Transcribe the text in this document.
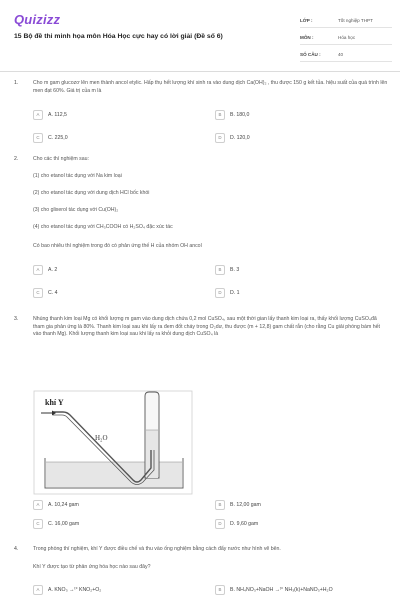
Quizizz
15 Bộ đề thi minh họa môn Hóa Học cực hay có lời giải (Đề số 6)
LỚP :	Tốt nghiệp THPT
MÔN :	Hóa học
SỐ CÂU :	40
1.	Cho m gam glucozơ lên men thành ancol etylic. Hấp thụ hết lượng khí sinh ra vào dung dịch Ca(OH)₂ , thu được 150 g kết tủa. hiệu suất của quá trình lên men đạt 60%. Giá trị của m là
A	A. 112,5	B	B. 180,0
C	C. 225,0	D	D. 120,0
2.	Cho các thí nghiệm sau:
(1) cho etanol tác dụng với Na kim loại
(2) cho etanol tác dụng với dung dịch HCl bốc khói
(3) cho glixerol tác dụng với Cu(OH)₂
(4) cho etanol tác dụng với CH₃COOH có H₂SO₄ đặc xúc tác
Có bao nhiêu thí nghiệm trong đó có phản ứng thế H của nhóm OH ancol
A	A. 2	B	B. 3
C	C. 4	D	D. 1
3.	Nhúng thanh kim loại Mg có khối lượng m gam vào dung dịch chứa 0,2 mol CuSO₄, sau một thời gian lấy thanh kim loại ra, thấy khối lượng CuSO₄đã tham gia phản ứng là 80%. Thanh kim loại sau khi lấy ra đem đốt cháy trong O₂dư, thu được (m + 12,8) gam chất rắn (cho rằng Cu giải phóng bám hết vào thanh Mg). Khối lượng thanh kim loại sau khi lấy ra khỏi dung dịch CuSO₄ là
khí Y
H₂O
A	A. 10,24 gam	B	B. 12,00 gam
C	C. 16,00 gam	D	D. 9,60 gam
4.	Trong phòng thí nghiệm, khí Y được điều chế và thu vào ống nghiệm bằng cách đẩy nước như hình vẽ bên.
Khí Y được tạo từ phản ứng hóa học nào sau đây?
A	A. KNO₃ →ᵗ° KNO₂+O₂	B	B. NH₄NO₃+NaOH →ᵗ° NH₃(k)+NaNO₃+H₂O
